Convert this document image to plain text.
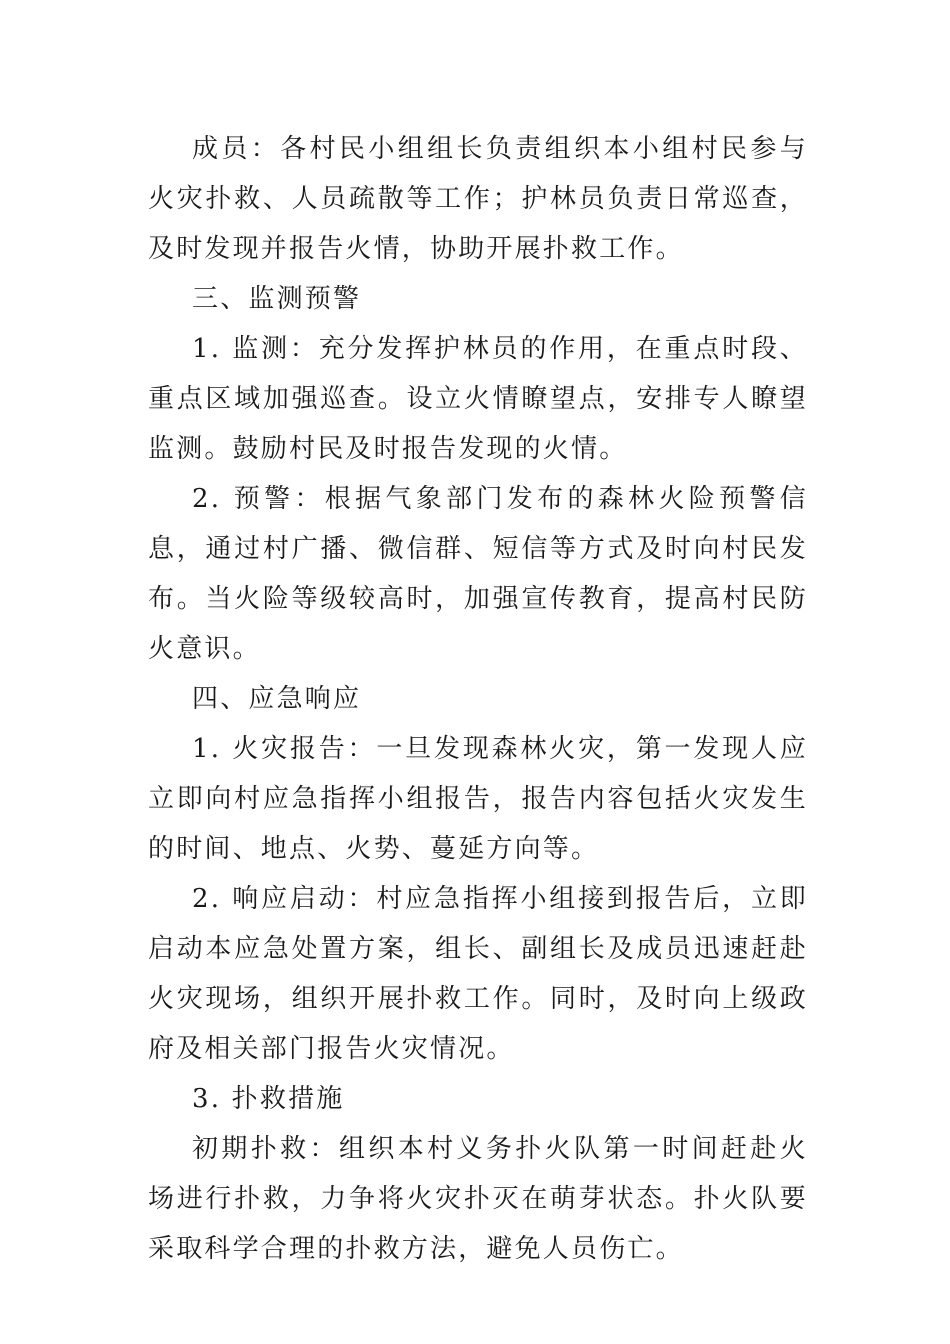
成员：各村民小组组长负责组织本小组村民参与火灾扑救、人员疏散等工作；护林员负责日常巡查，及时发现并报告火情，协助开展扑救工作。

三、监测预警

1. 监测：充分发挥护林员的作用，在重点时段、重点区域加强巡查。设立火情瞭望点，安排专人瞭望监测。鼓励村民及时报告发现的火情。

2. 预警：根据气象部门发布的森林火险预警信息，通过村广播、微信群、短信等方式及时向村民发布。当火险等级较高时，加强宣传教育，提高村民防火意识。

四、应急响应

1. 火灾报告：一旦发现森林火灾，第一发现人应立即向村应急指挥小组报告，报告内容包括火灾发生的时间、地点、火势、蔓延方向等。

2. 响应启动：村应急指挥小组接到报告后，立即启动本应急处置方案，组长、副组长及成员迅速赶赴火灾现场，组织开展扑救工作。同时，及时向上级政府及相关部门报告火灾情况。

3. 扑救措施

初期扑救：组织本村义务扑火队第一时间赶赴火场进行扑救，力争将火灾扑灭在萌芽状态。扑火队要采取科学合理的扑救方法，避免人员伤亡。
